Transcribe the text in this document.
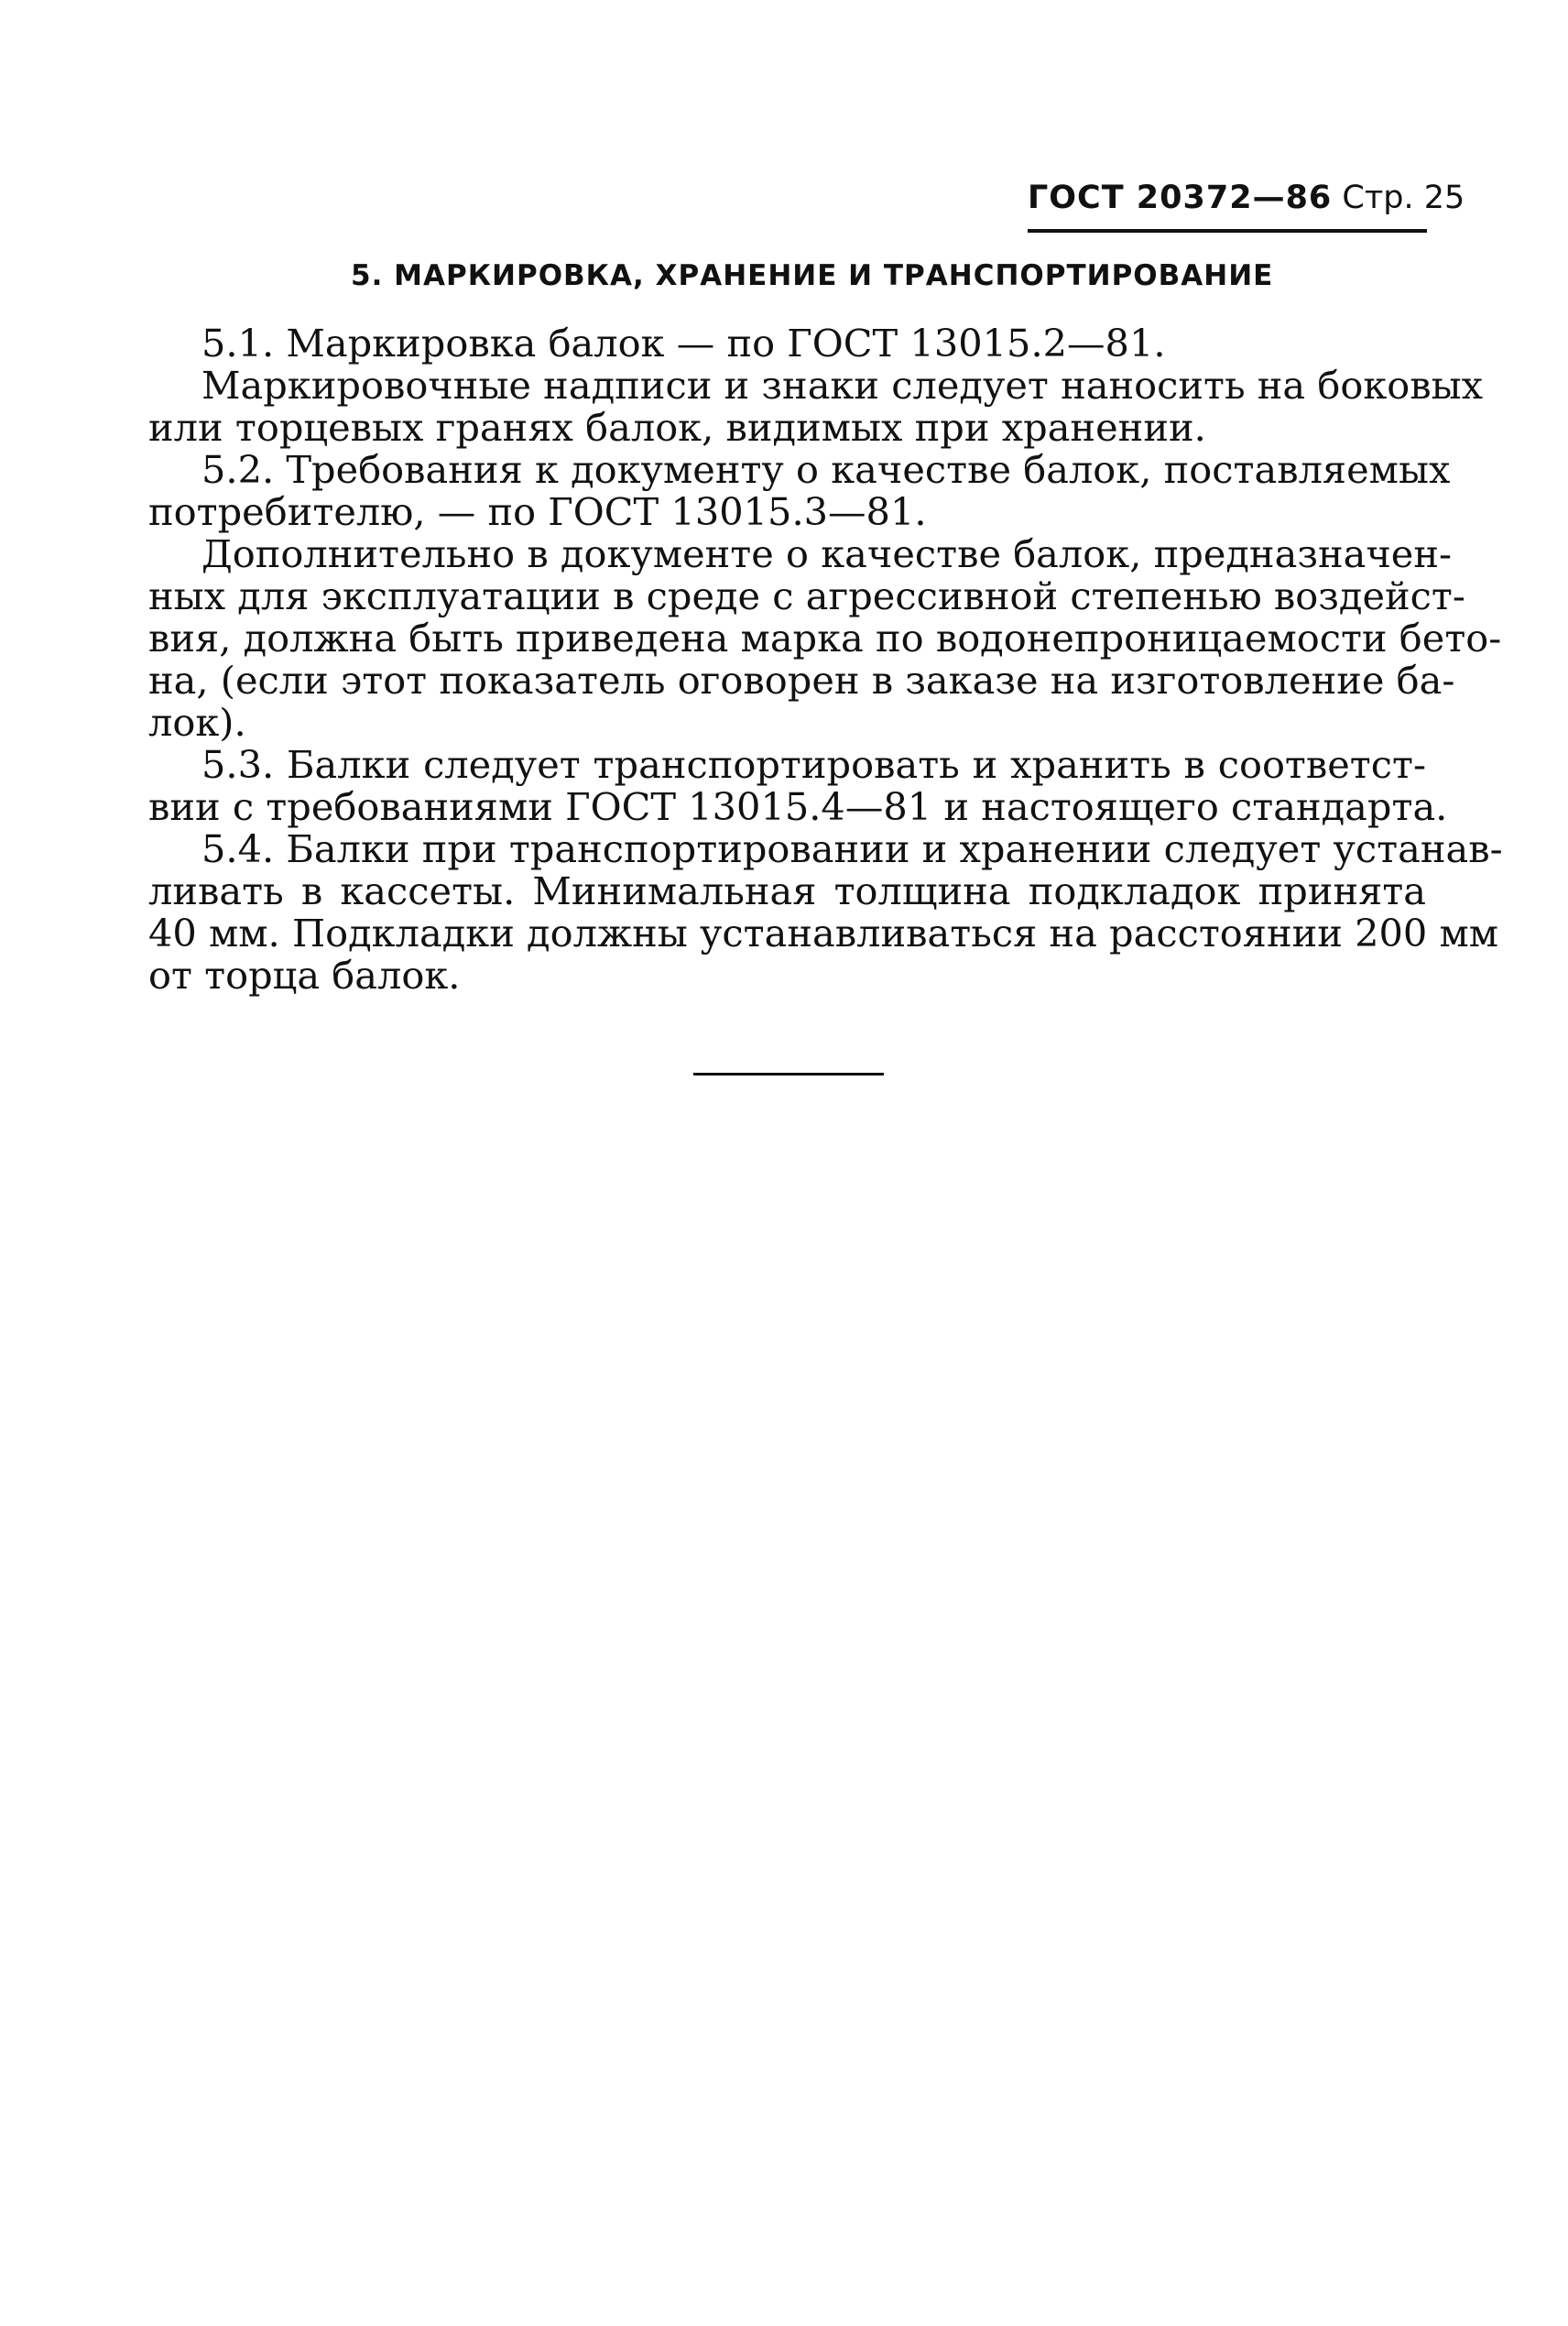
ГОСТ 20372—86 Стр. 25
5. МАРКИРОВКА, ХРАНЕНИЕ И ТРАНСПОРТИРОВАНИЕ
5.1. Маркировка балок — по ГОСТ 13015.2—81.
Маркировочные надписи и знаки следует наносить на боковых
или торцевых гранях балок, видимых при хранении.
5.2. Требования к документу о качестве балок, поставляемых
потребителю, — по ГОСТ 13015.3—81.
Дополнительно в документе о качестве балок, предназначен-
ных для эксплуатации в среде с агрессивной степенью воздейст-
вия, должна быть приведена марка по водонепроницаемости бето-
на, (если этот показатель оговорен в заказе на изготовление ба-
лок).
5.3. Балки следует транспортировать и хранить в соответст-
вии с требованиями ГОСТ 13015.4—81 и настоящего стандарта.
5.4. Балки при транспортировании и хранении следует устанав-
ливать в кассеты. Минимальная толщина подкладок принята
40 мм. Подкладки должны устанавливаться на расстоянии 200 мм
от торца балок.
